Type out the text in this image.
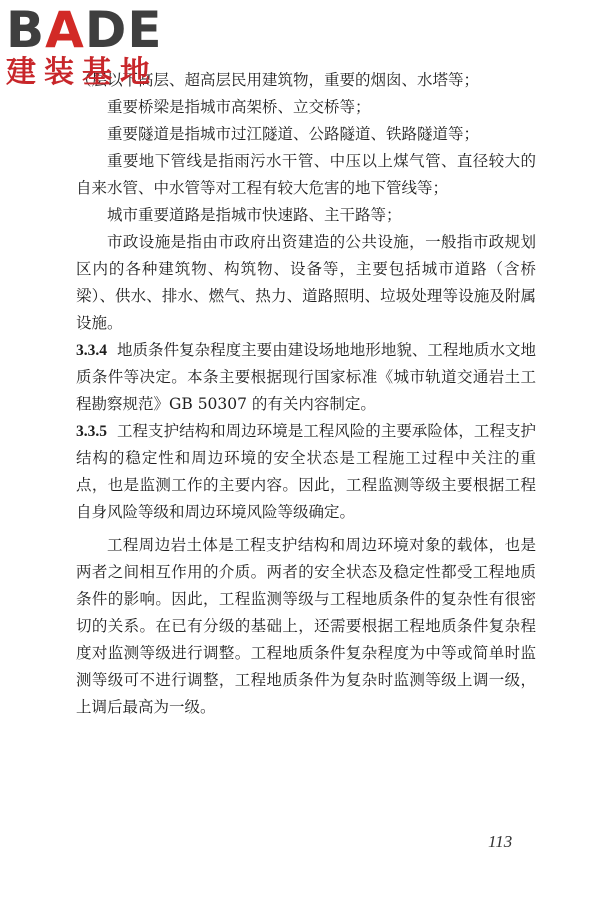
BADE
建装基地

（层以下高层、超高层民用建筑物，重要的烟囱、水塔等；

重要桥梁是指城市高架桥、立交桥等；

重要隧道是指城市过江隧道、公路隧道、铁路隧道等；

重要地下管线是指雨污水干管、中压以上煤气管、直径较大的自来水管、中水管等对工程有较大危害的地下管线等；

城市重要道路是指城市快速路、主干路等；

市政设施是指由市政府出资建造的公共设施，一般指市政规划区内的各种建筑物、构筑物、设备等，主要包括城市道路（含桥梁）、供水、排水、燃气、热力、道路照明、垃圾处理等设施及附属设施。

3.3.4 地质条件复杂程度主要由建设场地地形地貌、工程地质水文地质条件等决定。本条主要根据现行国家标准《城市轨道交通岩土工程勘察规范》GB 50307 的有关内容制定。

3.3.5 工程支护结构和周边环境是工程风险的主要承险体，工程支护结构的稳定性和周边环境的安全状态是工程施工过程中关注的重点，也是监测工作的主要内容。因此，工程监测等级主要根据工程自身风险等级和周边环境风险等级确定。

工程周边岩土体是工程支护结构和周边环境对象的载体，也是两者之间相互作用的介质。两者的安全状态及稳定性都受工程地质条件的影响。因此，工程监测等级与工程地质条件的复杂性有很密切的关系。在已有分级的基础上，还需要根据工程地质条件复杂程度对监测等级进行调整。工程地质条件复杂程度为中等或简单时监测等级可不进行调整，工程地质条件为复杂时监测等级上调一级，上调后最高为一级。

113
